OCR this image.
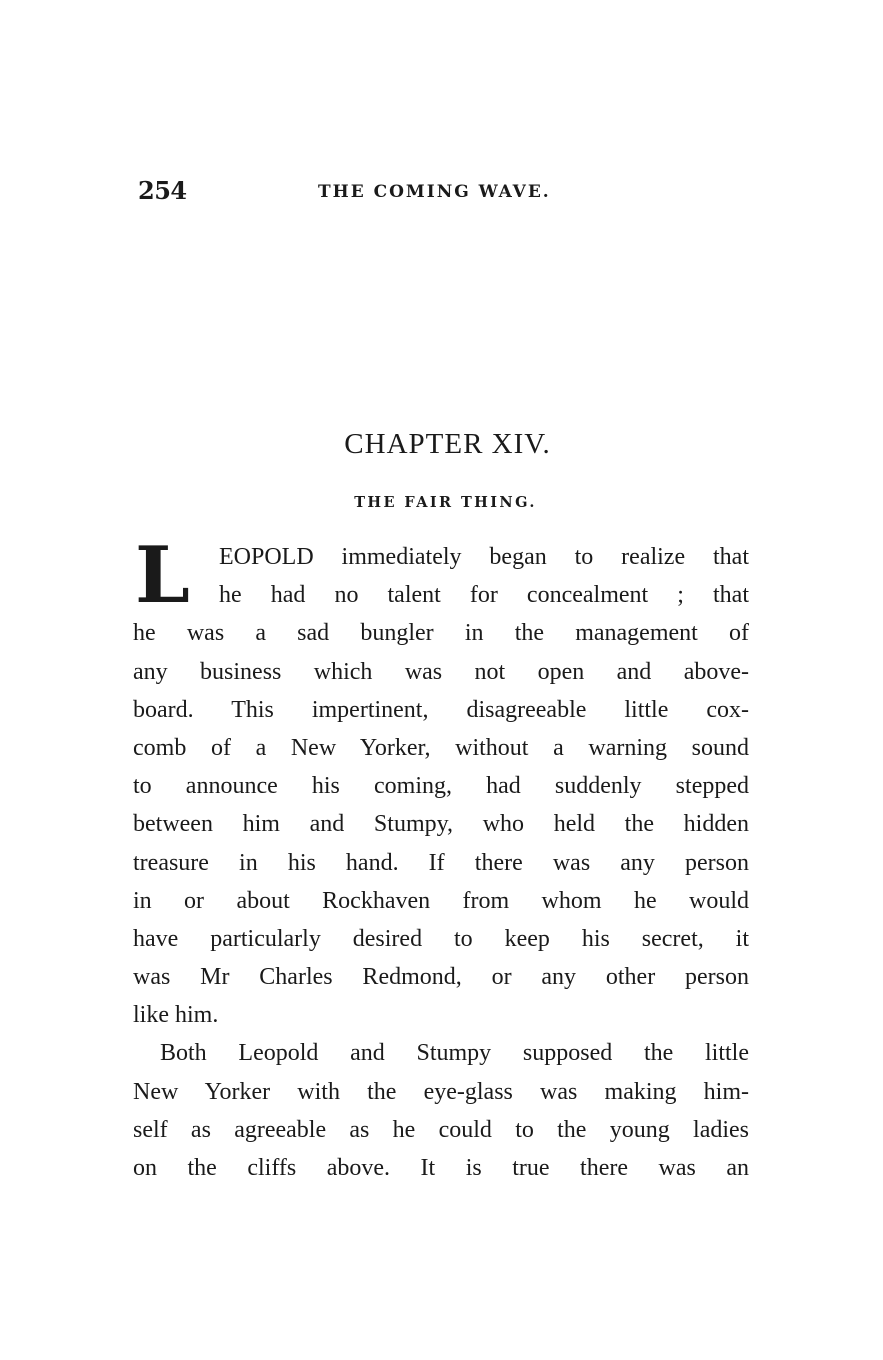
254	THE COMING WAVE.
CHAPTER XIV.
THE FAIR THING.
L	EOPOLD immediately began to realize that
he had no talent for concealment ; that
he was a sad bungler in the management of
any business which was not open and above-
board. This impertinent, disagreeable little cox-
comb of a New Yorker, without a warning sound
to announce his coming, had suddenly stepped
between him and Stumpy, who held the hidden
treasure in his hand. If there was any person
in or about Rockhaven from whom he would
have particularly desired to keep his secret, it
was Mr Charles Redmond, or any other person
like him.
Both Leopold and Stumpy supposed the little
New Yorker with the eye-glass was making him-
self as agreeable as he could to the young ladies
on the cliffs above. It is true there was an
